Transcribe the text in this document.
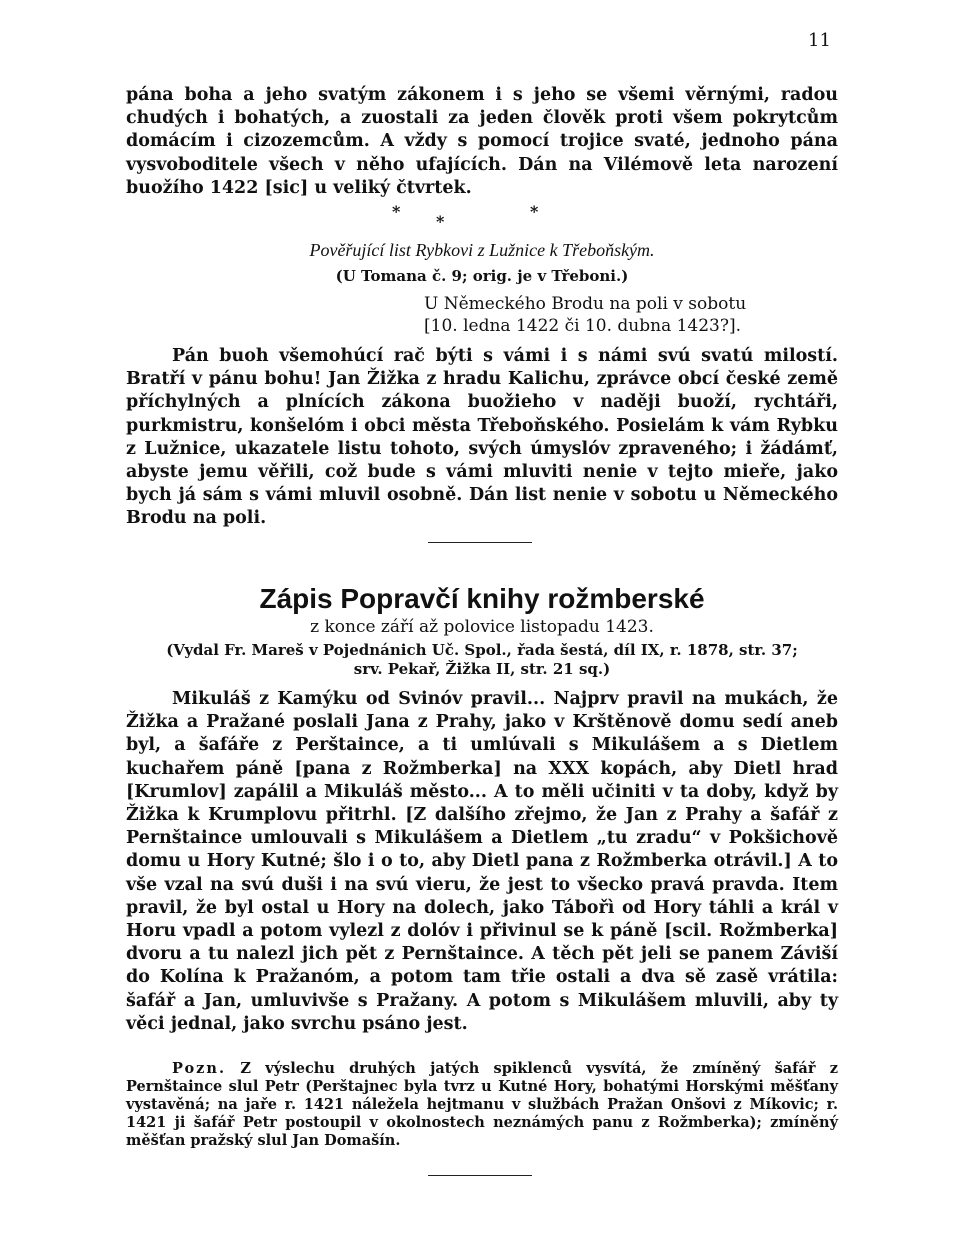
11

pána boha a jeho svatým zákonem i s jeho se všemi věrnými, radou chudých i bohatých, a zuostali za jeden člověk proti všem pokrytcům domácím i cizozemcům. A vždy s pomocí trojice svaté, jednoho pána vysvoboditele všech v něho ufajících. Dán na Vilémově leta narození buožího 1422 [sic] u veliký čtvrtek.

*
*
*
Pověřující list Rybkovi z Lužnice k Třeboňským.
(U Tomana č. 9; orig. je v Třeboni.)
U Německého Brodu na poli v sobotu
[10. ledna 1422 či 10. dubna 1423?].

Pán buoh všemohúcí rač býti s vámi i s námi svú svatú milostí. Bratří v pánu bohu! Jan Žižka z hradu Kalichu, zprávce obcí české země příchylných a plnících zákona buožieho v naději buoží, rychtáři, purkmistru, konšelóm i obci města Třeboňského. Posielám k vám Rybku z Lužnice, ukazatele listu tohoto, svých úmyslóv zpraveného; i žádámť, abyste jemu věřili, což bude s vámi mluviti nenie v tejto mieře, jako bych já sám s vámi mluvil osobně. Dán list nenie v sobotu u Německého Brodu na poli.

Zápis Popravčí knihy rožmberské
z konce září až polovice listopadu 1423.
(Vydal Fr. Mareš v Pojednánich Uč. Spol., řada šestá, díl IX, r. 1878, str. 37;
srv. Pekař, Žižka II, str. 21 sq.)

Mikuláš z Kamýku od Svinóv pravil... Najprv pravil na mukách, že Žižka a Pražané poslali Jana z Prahy, jako v Krštěnově domu sedí aneb byl, a šafáře z Perštaince, a ti umlúvali s Mikulášem a s Dietlem kuchařem páně [pana z Rožmberka] na XXX kopách, aby Dietl hrad [Krumlov] zapálil a Mikuláš město... A to měli učiniti v ta doby, když by Žižka k Krumplovu přitrhl. [Z dalšího zřejmo, že Jan z Prahy a šafář z Pernštaince umlouvali s Mikulášem a Dietlem „tu zradu“ v Pokšichově domu u Hory Kutné; šlo i o to, aby Dietl pana z Rožmberka otrávil.] A to vše vzal na svú duši i na svú vieru, že jest to všecko pravá pravda. Item pravil, že byl ostal u Hory na dolech, jako Tábořì od Hory táhli a král v Horu vpadl a potom vylezl z dolóv i přivinul se k páně [scil. Rožmberka] dvoru a tu nalezl jich pět z Pernštaince. A těch pět jeli se panem Záviší do Kolína k Pražanóm, a potom tam třie ostali a dva sě zasě vrátila: šafář a Jan, umluvivše s Pražany. A potom s Mikulášem mluvili, aby ty věci jednal, jako svrchu psáno jest.

Pozn. Z výslechu druhých jatých spiklenců vysvítá, že zmíněný šafář z Pernštaince slul Petr (Perštajnec byla tvrz u Kutné Hory, bohatými Horskými měšťany vystavěná; na jaře r. 1421 náležela hejtmanu v službách Pražan Onšovi z Míkovic; r. 1421 ji šafář Petr postoupil v okolnostech neznámých panu z Rožmberka); zmíněný měšťan pražský slul Jan Domašín.
